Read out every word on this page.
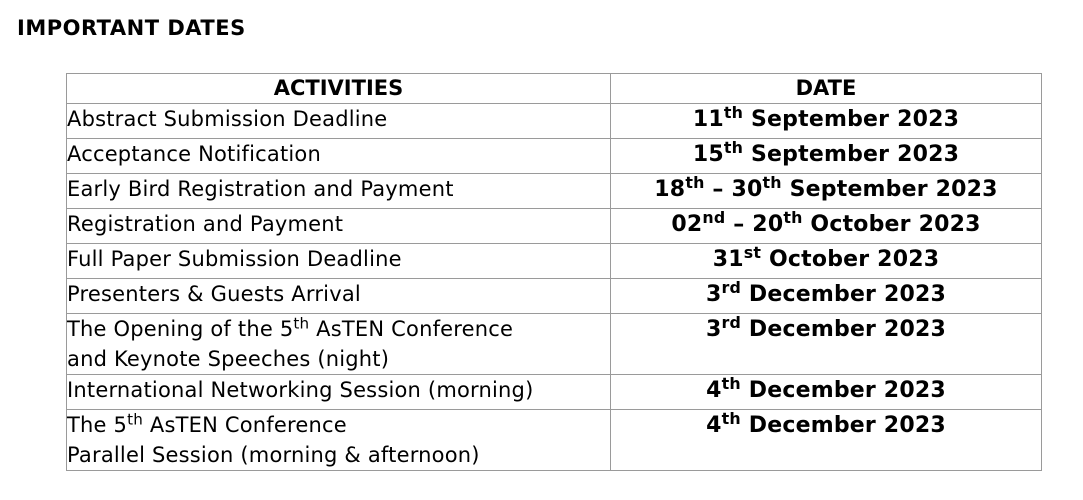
IMPORTANT DATES
ACTIVITIES	DATE
Abstract Submission Deadline	11th September 2023
Acceptance Notification	15th September 2023
Early Bird Registration and Payment	18th – 30th September 2023
Registration and Payment	02nd – 20th October 2023
Full Paper Submission Deadline	31st October 2023
Presenters & Guests Arrival	3rd December 2023
The Opening of the 5th AsTEN Conference
and Keynote Speeches (night)	3rd December 2023
International Networking Session (morning)	4th December 2023
The 5th AsTEN Conference
Parallel Session (morning & afternoon)	4th December 2023
